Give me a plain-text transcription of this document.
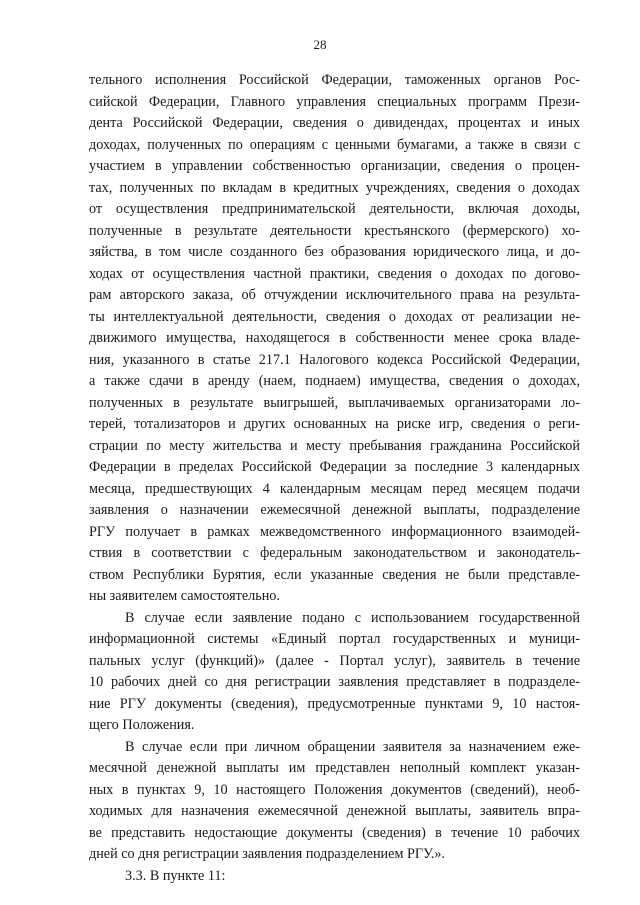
28
тельного исполнения Российской Федерации, таможенных органов Рос-
сийской Федерации, Главного управления специальных программ Прези-
дента Российской Федерации, сведения о дивидендах, процентах и иных
доходах, полученных по операциям с ценными бумагами, а также в связи с
участием в управлении собственностью организации, сведения о процен-
тах, полученных по вкладам в кредитных учреждениях, сведения о доходах
от осуществления предпринимательской деятельности, включая доходы,
полученные в результате деятельности крестьянского (фермерского) хо-
зяйства, в том числе созданного без образования юридического лица, и до-
ходах от осуществления частной практики, сведения о доходах по догово-
рам авторского заказа, об отчуждении исключительного права на результа-
ты интеллектуальной деятельности, сведения о доходах от реализации не-
движимого имущества, находящегося в собственности менее срока владе-
ния, указанного в статье 217.1 Налогового кодекса Российской Федерации,
а также сдачи в аренду (наем, поднаем) имущества, сведения о доходах,
полученных в результате выигрышей, выплачиваемых организаторами ло-
терей, тотализаторов и других основанных на риске игр, сведения о реги-
страции по месту жительства и месту пребывания гражданина Российской
Федерации в пределах Российской Федерации за последние 3 календарных
месяца, предшествующих 4 календарным месяцам перед месяцем подачи
заявления о назначении ежемесячной денежной выплаты, подразделение
РГУ получает в рамках межведомственного информационного взаимодей-
ствия в соответствии с федеральным законодательством и законодатель-
ством Республики Бурятия, если указанные сведения не были представле-
ны заявителем самостоятельно.
В случае если заявление подано с использованием государственной
информационной системы «Единый портал государственных и муници-
пальных услуг (функций)» (далее - Портал услуг), заявитель в течение
10 рабочих дней со дня регистрации заявления представляет в подразделе-
ние РГУ документы (сведения), предусмотренные пунктами 9, 10 настоя-
щего Положения.
В случае если при личном обращении заявителя за назначением еже-
месячной денежной выплаты им представлен неполный комплект указан-
ных в пунктах 9, 10 настоящего Положения документов (сведений), необ-
ходимых для назначения ежемесячной денежной выплаты, заявитель впра-
ве представить недостающие документы (сведения) в течение 10 рабочих
дней со дня регистрации заявления подразделением РГУ.».
3.3. В пункте 11:
